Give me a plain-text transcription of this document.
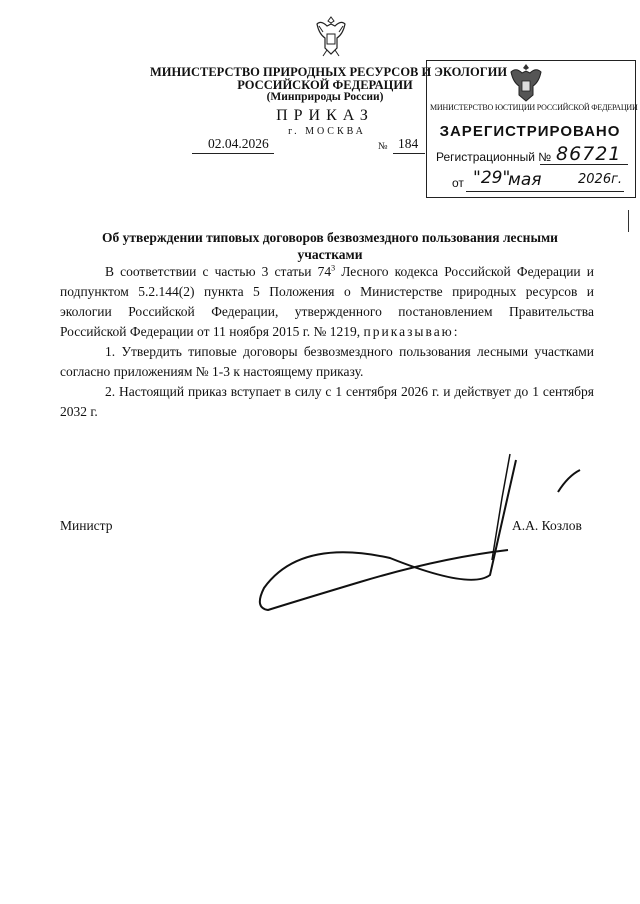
МИНИСТЕРСТВО ПРИРОДНЫХ РЕСУРСОВ И ЭКОЛОГИИ
РОССИЙСКОЙ ФЕДЕРАЦИИ
(Минприроды России)
ПРИКАЗ
г. МОСКВА
02.04.2026	№ 184
МИНИСТЕРСТВО ЮСТИЦИИ РОССИЙСКОЙ ФЕДЕРАЦИИ
ЗАРЕГИСТРИРОВАНО
Регистрационный № 86721
от "29"
мая	2026г.
Об утверждении типовых договоров безвозмездного пользования лесными
участками

В соответствии с частью 3 статьи $74^3$ Лесного кодекса Российской Федерации и подпунктом 5.2.144(2) пункта 5 Положения о Министерстве природных ресурсов и экологии Российской Федерации, утвержденного постановлением Правительства Российской Федерации от 11 ноября 2015 г. № 1219, приказываю:

1. Утвердить типовые договоры безвозмездного пользования лесными участками согласно приложениям № 1-3 к настоящему приказу.

2. Настоящий приказ вступает в силу с 1 сентября 2026 г. и действует до 1 сентября 2032 г.

Министр	А.А. Козлов
